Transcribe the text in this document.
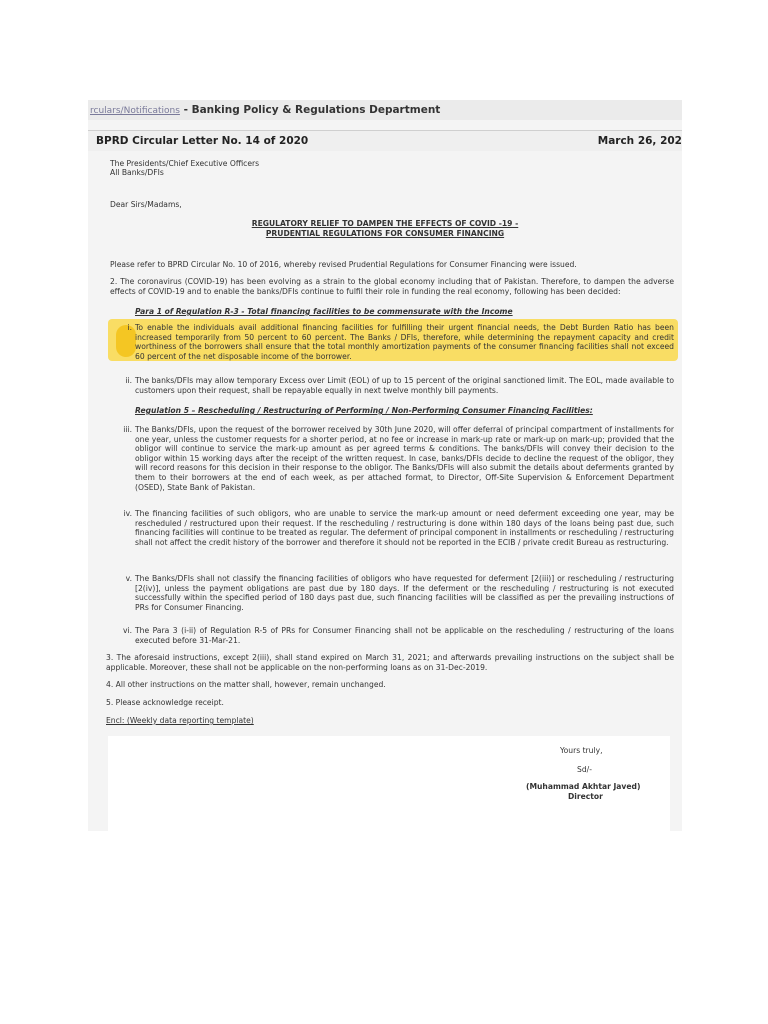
rculars/Notifications - Banking Policy & Regulations Department
BPRD Circular Letter No. 14 of 2020	March 26, 202
The Presidents/Chief Executive Officers
All Banks/DFIs
Dear Sirs/Madams,
REGULATORY RELIEF TO DAMPEN THE EFFECTS OF COVID -19 -
PRUDENTIAL REGULATIONS FOR CONSUMER FINANCING
Please refer to BPRD Circular No. 10 of 2016, whereby revised Prudential Regulations for Consumer Financing were issued.
2. The coronavirus (COVID-19) has been evolving as a strain to the global economy including that of Pakistan. Therefore, to dampen the adverse effects of COVID-19 and to enable the banks/DFIs continue to fulfil their role in funding the real economy, following has been decided:
Para 1 of Regulation R-3 - Total financing facilities to be commensurate with the Income
i. To enable the individuals avail additional financing facilities for fulfilling their urgent financial needs, the Debt Burden Ratio has been increased temporarily from 50 percent to 60 percent. The Banks / DFIs, therefore, while determining the repayment capacity and credit worthiness of the borrowers shall ensure that the total monthly amortization payments of the consumer financing facilities shall not exceed 60 percent of the net disposable income of the borrower.
ii. The banks/DFIs may allow temporary Excess over Limit (EOL) of up to 15 percent of the original sanctioned limit. The EOL, made available to customers upon their request, shall be repayable equally in next twelve monthly bill payments.
Regulation 5 – Rescheduling / Restructuring of Performing / Non-Performing Consumer Financing Facilities:
iii. The Banks/DFIs, upon the request of the borrower received by 30th June 2020, will offer deferral of principal compartment of installments for one year, unless the customer requests for a shorter period, at no fee or increase in mark-up rate or mark-up on mark-up; provided that the obligor will continue to service the mark-up amount as per agreed terms & conditions. The banks/DFIs will convey their decision to the obligor within 15 working days after the receipt of the written request. In case, banks/DFIs decide to decline the request of the obligor, they will record reasons for this decision in their response to the obligor. The Banks/DFIs will also submit the details about deferments granted by them to their borrowers at the end of each week, as per attached format, to Director, Off-Site Supervision & Enforcement Department (OSED), State Bank of Pakistan.
iv. The financing facilities of such obligors, who are unable to service the mark-up amount or need deferment exceeding one year, may be rescheduled / restructured upon their request. If the rescheduling / restructuring is done within 180 days of the loans being past due, such financing facilities will continue to be treated as regular. The deferment of principal component in installments or rescheduling / restructuring shall not affect the credit history of the borrower and therefore it should not be reported in the ECIB / private credit Bureau as restructuring.
v. The Banks/DFIs shall not classify the financing facilities of obligors who have requested for deferment [2(iii)] or rescheduling / restructuring [2(iv)], unless the payment obligations are past due by 180 days. If the deferment or the rescheduling / restructuring is not executed successfully within the specified period of 180 days past due, such financing facilities will be classified as per the prevailing instructions of PRs for Consumer Financing.
vi. The Para 3 (i-ii) of Regulation R-5 of PRs for Consumer Financing shall not be applicable on the rescheduling / restructuring of the loans executed before 31-Mar-21.
3. The aforesaid instructions, except 2(iii), shall stand expired on March 31, 2021; and afterwards prevailing instructions on the subject shall be applicable. Moreover, these shall not be applicable on the non-performing loans as on 31-Dec-2019.
4. All other instructions on the matter shall, however, remain unchanged.
5. Please acknowledge receipt.
Encl: (Weekly data reporting template)
Yours truly,
Sd/-
(Muhammad Akhtar Javed)
Director
